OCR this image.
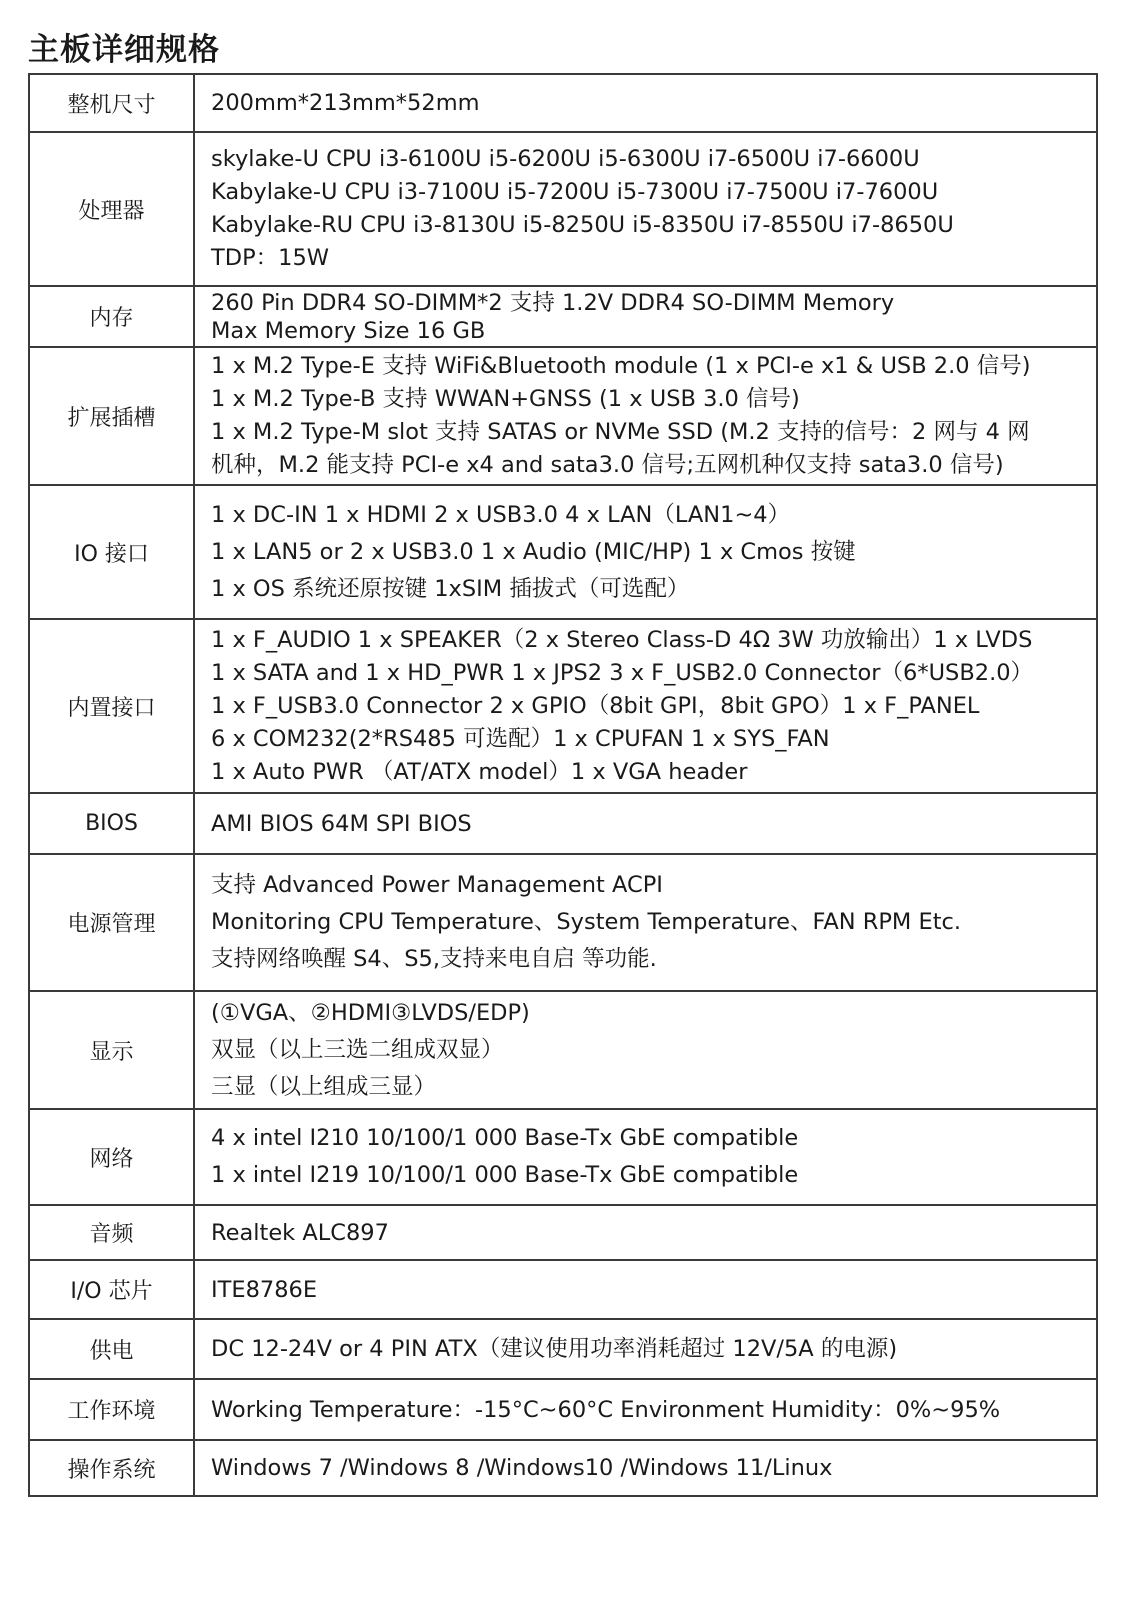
主板详细规格
整机尺寸	200mm*213mm*52mm

处理器	skylake-U CPU i3-6100U i5-6200U i5-6300U i7-6500U i7-6600U
Kabylake-U CPU i3-7100U i5-7200U i5-7300U i7-7500U i7-7600U
Kabylake-RU CPU i3-8130U i5-8250U i5-8350U i7-8550U i7-8650U
TDP：15W

内存	260 Pin DDR4 SO-DIMM*2 支持 1.2V DDR4 SO-DIMM Memory
Max Memory Size 16 GB

扩展插槽	1 x M.2 Type-E 支持 WiFi&Bluetooth module (1 x PCI-e x1 & USB 2.0 信号)
1 x M.2 Type-B 支持 WWAN+GNSS (1 x USB 3.0 信号)
1 x M.2 Type-M slot 支持 SATAS or NVMe SSD (M.2 支持的信号：2 网与 4 网
机种，M.2 能支持 PCI-e x4 and sata3.0 信号;五网机种仅支持 sata3.0 信号)

IO 接口	1 x DC-IN 1 x HDMI 2 x USB3.0 4 x LAN（LAN1~4）
1 x LAN5 or 2 x USB3.0 1 x Audio (MIC/HP) 1 x Cmos 按键
1 x OS 系统还原按键 1xSIM 插拔式（可选配）

内置接口	1 x F_AUDIO 1 x SPEAKER（2 x Stereo Class-D 4Ω 3W 功放输出）1 x LVDS
1 x SATA and 1 x HD_PWR 1 x JPS2 3 x F_USB2.0 Connector（6*USB2.0）
1 x F_USB3.0 Connector 2 x GPIO（8bit GPI，8bit GPO）1 x F_PANEL
6 x COM232(2*RS485 可选配）1 x CPUFAN 1 x SYS_FAN
1 x Auto PWR （AT/ATX model）1 x VGA header

BIOS	AMI BIOS 64M SPI BIOS

电源管理	支持 Advanced Power Management ACPI
Monitoring CPU Temperature、System Temperature、FAN RPM Etc.
支持网络唤醒 S4、S5,支持来电自启 等功能.

显示	(①VGA、②HDMI③LVDS/EDP)
双显（以上三选二组成双显）
三显（以上组成三显）

网络	4 x intel I210 10/100/1 000 Base-Tx GbE compatible
1 x intel I219 10/100/1 000 Base-Tx GbE compatible

音频	Realtek ALC897

I/O 芯片	ITE8786E

供电	DC 12-24V or 4 PIN ATX（建议使用功率消耗超过 12V/5A 的电源)

工作环境	Working Temperature：-15°C~60°C Environment Humidity：0%~95%

操作系统	Windows 7 /Windows 8 /Windows10 /Windows 11/Linux
